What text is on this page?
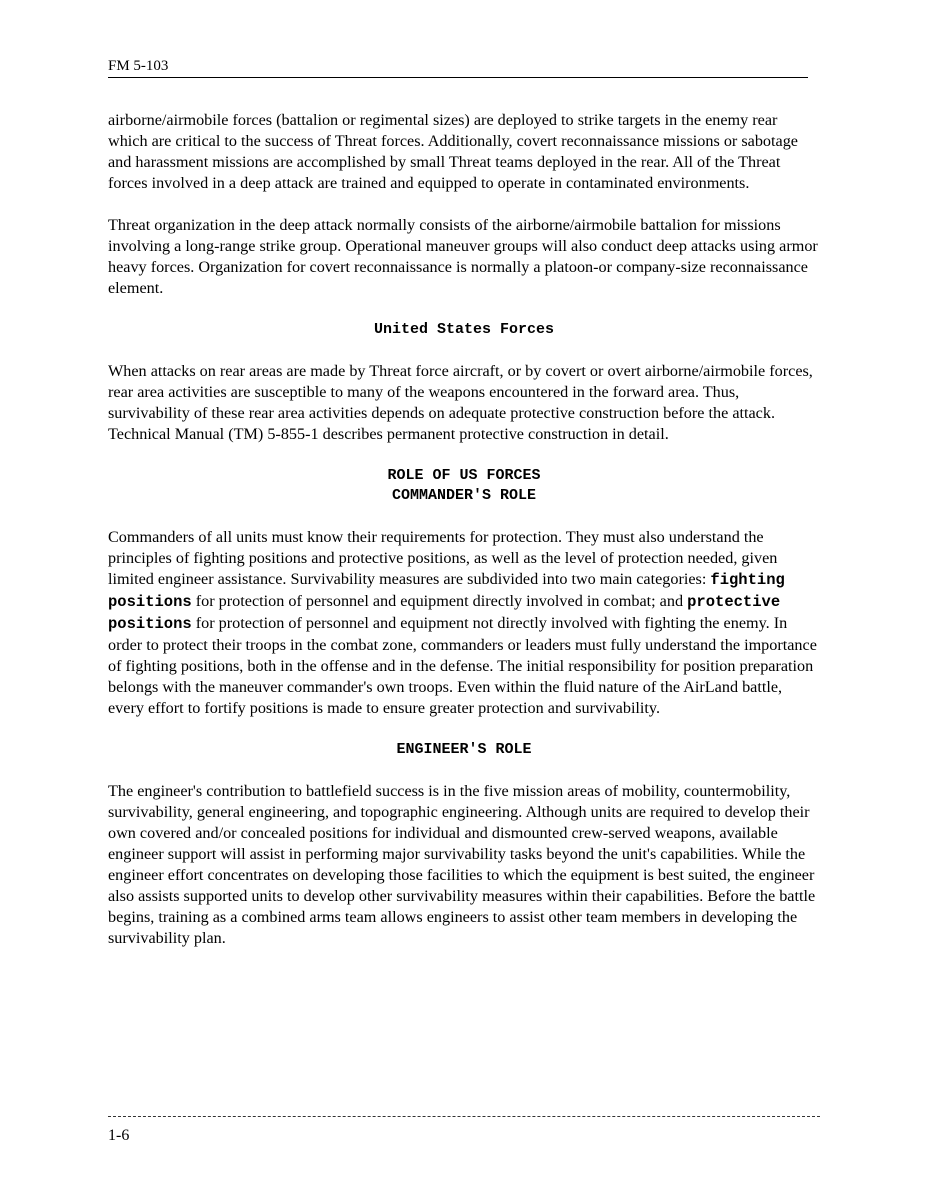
FM 5-103

airborne/airmobile forces (battalion or regimental sizes) are deployed to strike targets in the enemy rear which are critical to the success of Threat forces. Additionally, covert reconnaissance missions or sabotage and harassment missions are accomplished by small Threat teams deployed in the rear. All of the Threat forces involved in a deep attack are trained and equipped to operate in contaminated environments.

Threat organization in the deep attack normally consists of the airborne/airmobile battalion for missions involving a long-range strike group. Operational maneuver groups will also conduct deep attacks using armor heavy forces. Organization for covert reconnaissance is normally a platoon-or company-size reconnaissance element.

United States Forces

When attacks on rear areas are made by Threat force aircraft, or by covert or overt airborne/airmobile forces, rear area activities are susceptible to many of the weapons encountered in the forward area. Thus, survivability of these rear area activities depends on adequate protective construction before the attack. Technical Manual (TM) 5-855-1 describes permanent protective construction in detail.

ROLE OF US FORCES
COMMANDER'S ROLE

Commanders of all units must know their requirements for protection. They must also understand the principles of fighting positions and protective positions, as well as the level of protection needed, given limited engineer assistance. Survivability measures are subdivided into two main categories: fighting positions for protection of personnel and equipment directly involved in combat; and protective positions for protection of personnel and equipment not directly involved with fighting the enemy. In order to protect their troops in the combat zone, commanders or leaders must fully understand the importance of fighting positions, both in the offense and in the defense. The initial responsibility for position preparation belongs with the maneuver commander's own troops. Even within the fluid nature of the AirLand battle, every effort to fortify positions is made to ensure greater protection and survivability.

ENGINEER'S ROLE

The engineer's contribution to battlefield success is in the five mission areas of mobility, countermobility, survivability, general engineering, and topographic engineering. Although units are required to develop their own covered and/or concealed positions for individual and dismounted crew-served weapons, available engineer support will assist in performing major survivability tasks beyond the unit's capabilities. While the engineer effort concentrates on developing those facilities to which the equipment is best suited, the engineer also assists supported units to develop other survivability measures within their capabilities. Before the battle begins, training as a combined arms team allows engineers to assist other team members in developing the survivability plan.

1-6
